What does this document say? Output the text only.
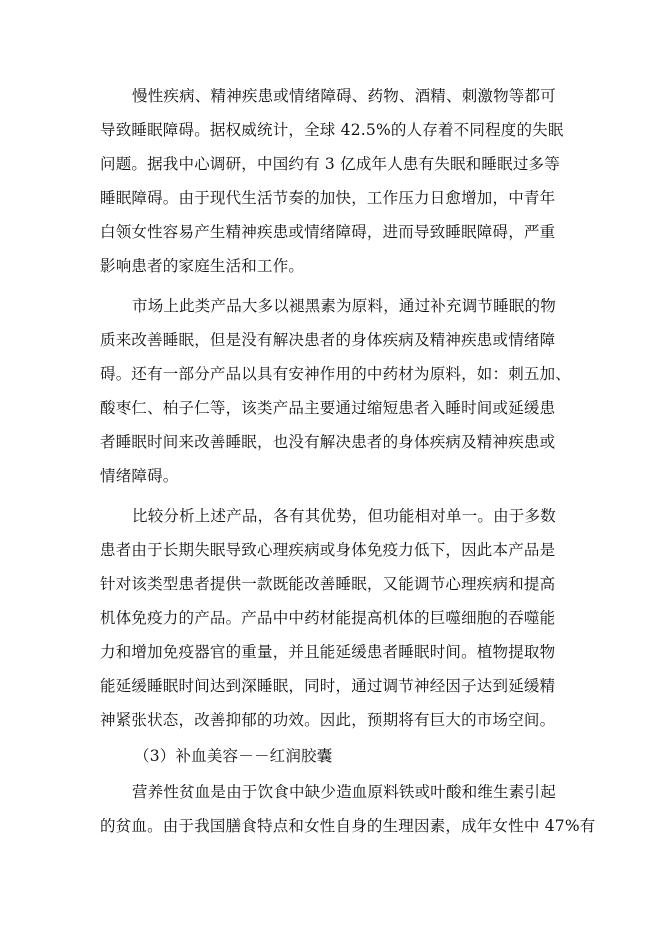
慢性疾病、精神疾患或情绪障碍、药物、酒精、刺激物等都可
导致睡眠障碍。据权威统计，全球 42.5%的人存着不同程度的失眠
问题。据我中心调研，中国约有 3 亿成年人患有失眠和睡眠过多等
睡眠障碍。由于现代生活节奏的加快，工作压力日愈增加，中青年
白领女性容易产生精神疾患或情绪障碍，进而导致睡眠障碍，严重
影响患者的家庭生活和工作。
市场上此类产品大多以褪黑素为原料，通过补充调节睡眠的物
质来改善睡眠，但是没有解决患者的身体疾病及精神疾患或情绪障
碍。还有一部分产品以具有安神作用的中药材为原料，如：刺五加、
酸枣仁、柏子仁等，该类产品主要通过缩短患者入睡时间或延缓患
者睡眠时间来改善睡眠，也没有解决患者的身体疾病及精神疾患或
情绪障碍。
比较分析上述产品，各有其优势，但功能相对单一。由于多数
患者由于长期失眠导致心理疾病或身体免疫力低下，因此本产品是
针对该类型患者提供一款既能改善睡眠，又能调节心理疾病和提高
机体免疫力的产品。产品中中药材能提高机体的巨噬细胞的吞噬能
力和增加免疫器官的重量，并且能延缓患者睡眠时间。植物提取物
能延缓睡眠时间达到深睡眠，同时，通过调节神经因子达到延缓精
神紧张状态，改善抑郁的功效。因此，预期将有巨大的市场空间。
（3）补血美容－－红润胶囊
营养性贫血是由于饮食中缺少造血原料铁或叶酸和维生素引起
的贫血。由于我国膳食特点和女性自身的生理因素，成年女性中 47%有
